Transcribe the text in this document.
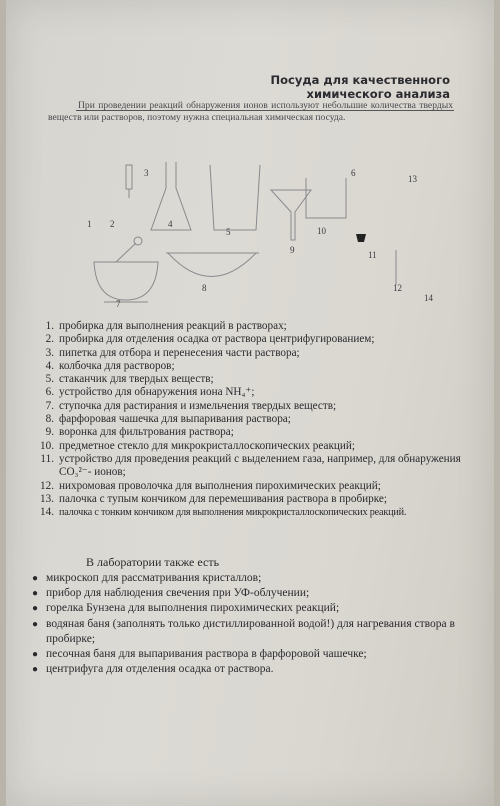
Посуда для качественного
химического анализа
При проведении реакций обнаружения ионов используют небольшие количества твердых веществ или растворов, поэтому нужна специальная химическая посуда.
3	6
13
1 2	4
5	10
9	11
8	12
14
7
1. пробирка для выполнения реакций в растворах;
2. пробирка для отделения осадка от раствора центрифугированием;
3. пипетка для отбора и перенесения части раствора;
4. колбочка для растворов;
5. стаканчик для твердых веществ;
6. устройство для обнаружения иона NH₄⁺;
7. ступочка для растирания и измельчения твердых веществ;
8. фарфоровая чашечка для выпаривания раствора;
9. воронка для фильтрования раствора;
10. предметное стекло для микрокристаллоскопических реакций;
11. устройство для проведения реакций с выделением газа, например, для обнаружения CO₃²⁻- ионов;
12. нихромовая проволочка для выполнения пирохимических реакций;
13. палочка с тупым кончиком для перемешивания раствора в пробирке;
14. палочка с тонким кончиком для выполнения микрокристаллоскопических реакций.
В лаборатории также есть
● микроскоп для рассматривания кристаллов;
● прибор для наблюдения свечения при УФ-облучении;
● горелка Бунзена для выполнения пирохимических реакций;
● водяная баня (заполнять только дистиллированной водой!) для нагревания створа в пробирке;
● песочная баня для выпаривания раствора в фарфоровой чашечке;
● центрифуга для отделения осадка от раствора.
